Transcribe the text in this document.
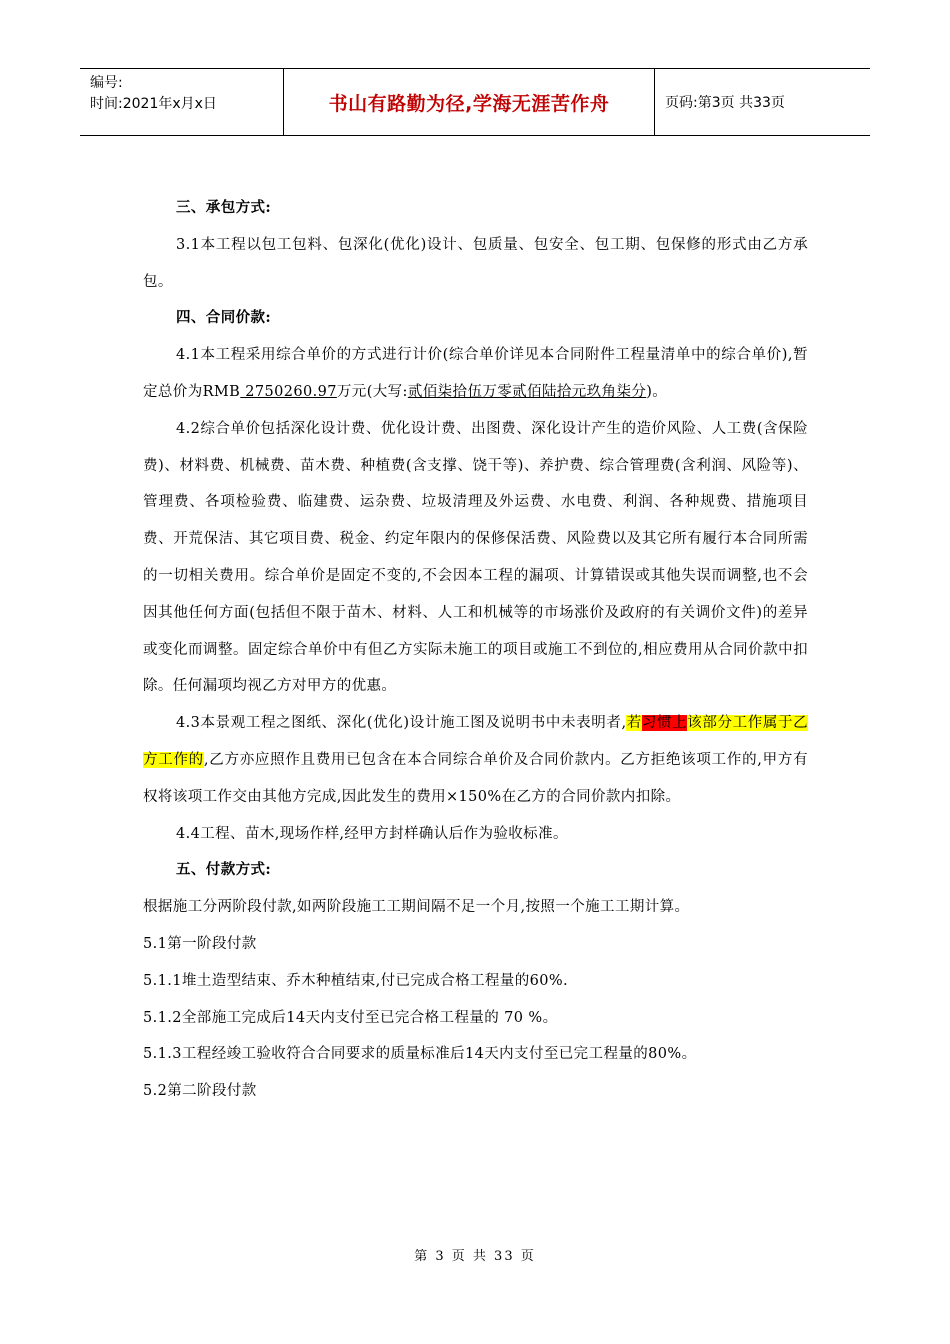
编号:
时间:2021年x月x日	书山有路勤为径,学海无涯苦作舟	页码:第3页 共33页

三、承包方式:

3.1本工程以包工包料、包深化(优化)设计、包质量、包安全、包工期、包保修的形式由乙方承包。

四、合同价款:

4.1本工程采用综合单价的方式进行计价(综合单价详见本合同附件工程量清单中的综合单价),暂定总价为RMB 2750260.97万元(大写:贰佰柒拾伍万零贰佰陆拾元玖角柒分)。

4.2综合单价包括深化设计费、优化设计费、出图费、深化设计产生的造价风险、人工费(含保险费)、材料费、机械费、苗木费、种植费(含支撑、饶干等)、养护费、综合管理费(含利润、风险等)、管理费、各项检验费、临建费、运杂费、垃圾清理及外运费、水电费、利润、各种规费、措施项目费、开荒保洁、其它项目费、税金、约定年限内的保修保活费、风险费以及其它所有履行本合同所需的一切相关费用。综合单价是固定不变的,不会因本工程的漏项、计算错误或其他失误而调整,也不会因其他任何方面(包括但不限于苗木、材料、人工和机械等的市场涨价及政府的有关调价文件)的差异或变化而调整。固定综合单价中有但乙方实际未施工的项目或施工不到位的,相应费用从合同价款中扣除。任何漏项均视乙方对甲方的优惠。

4.3本景观工程之图纸、深化(优化)设计施工图及说明书中未表明者,若习惯上该部分工作属于乙方工作的,乙方亦应照作且费用已包含在本合同综合单价及合同价款内。乙方拒绝该项工作的,甲方有权将该项工作交由其他方完成,因此发生的费用×150%在乙方的合同价款内扣除。

4.4工程、苗木,现场作样,经甲方封样确认后作为验收标准。

五、付款方式:

根据施工分两阶段付款,如两阶段施工工期间隔不足一个月,按照一个施工工期计算。

5.1第一阶段付款

5.1.1堆土造型结束、乔木种植结束,付已完成合格工程量的60%.

5.1.2全部施工完成后14天内支付至已完合格工程量的 70 %。

5.1.3工程经竣工验收符合合同要求的质量标准后14天内支付至已完工程量的80%。

5.2第二阶段付款

第 3 页 共 33 页
